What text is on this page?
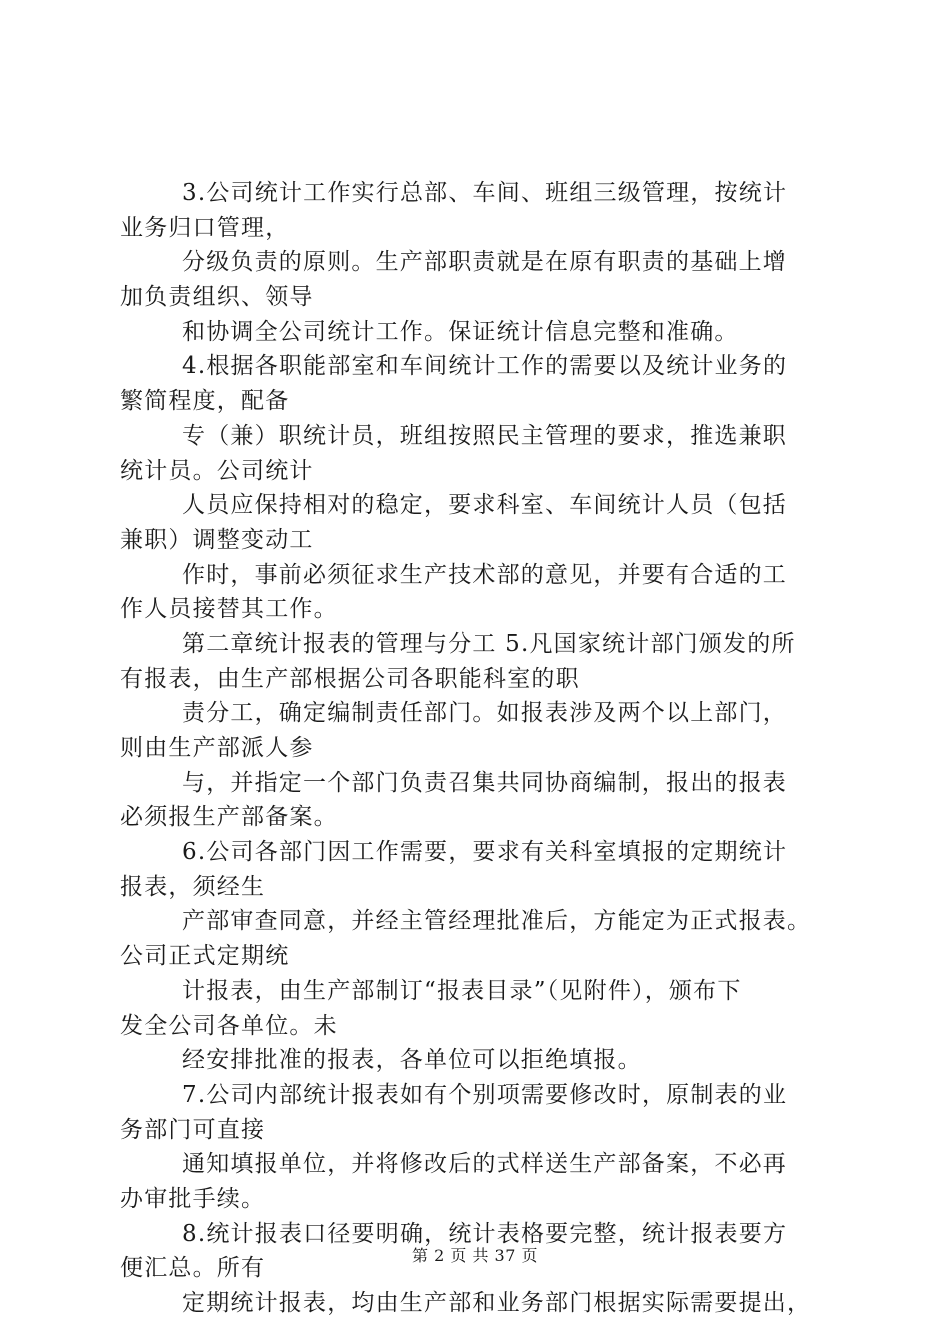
3.公司统计工作实行总部、车间、班组三级管理，按统计
业务归口管理，
分级负责的原则。生产部职责就是在原有职责的基础上增
加负责组织、领导
和协调全公司统计工作。保证统计信息完整和准确。
4.根据各职能部室和车间统计工作的需要以及统计业务的
繁简程度，配备
专（兼）职统计员，班组按照民主管理的要求，推选兼职
统计员。公司统计
人员应保持相对的稳定，要求科室、车间统计人员（包括
兼职）调整变动工
作时，事前必须征求生产技术部的意见，并要有合适的工
作人员接替其工作。
第二章统计报表的管理与分工 5.凡国家统计部门颁发的所
有报表，由生产部根据公司各职能科室的职
责分工，确定编制责任部门。如报表涉及两个以上部门，
则由生产部派人参
与，并指定一个部门负责召集共同协商编制，报出的报表
必须报生产部备案。
6.公司各部门因工作需要，要求有关科室填报的定期统计
报表，须经生
产部审查同意，并经主管经理批准后，方能定为正式报表。
公司正式定期统
计报表，由生产部制订“报表目录”（见附件），颁布下
发全公司各单位。未
经安排批准的报表，各单位可以拒绝填报。
7.公司内部统计报表如有个别项需要修改时，原制表的业
务部门可直接
通知填报单位，并将修改后的式样送生产部备案，不必再
办审批手续。
8.统计报表口径要明确，统计表格要完整，统计报表要方
便汇总。所有
定期统计报表，均由生产部和业务部门根据实际需要提出，
第 2 页 共 37 页
